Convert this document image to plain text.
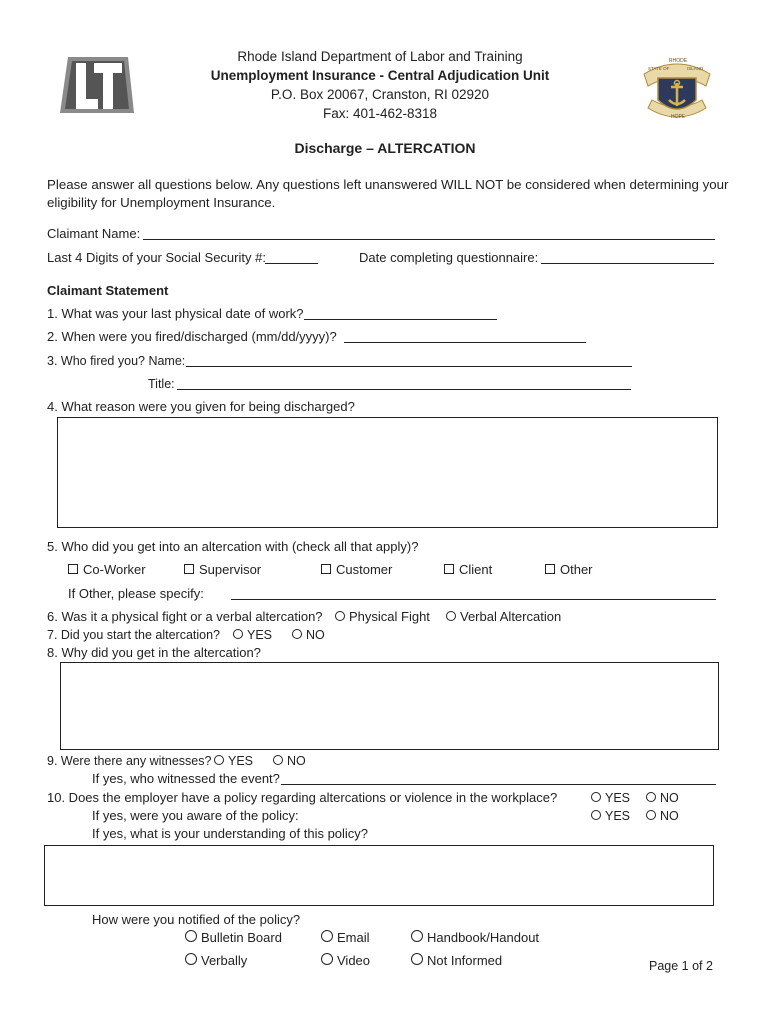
Rhode Island Department of Labor and Training
Unemployment Insurance - Central Adjudication Unit
P.O. Box 20067, Cranston, RI 02920
Fax: 401-462-8318
RHODE
STATE OF	ISLAND
HOPE
Discharge – ALTERCATION
Please answer all questions below. Any questions left unanswered WILL NOT be considered when determining your
eligibility for Unemployment Insurance.
Claimant Name:
Last 4 Digits of your Social Security #:	Date completing questionnaire:
Claimant Statement
1. What was your last physical date of work?
2. When were you fired/discharged (mm/dd/yyyy)?
3. Who fired you? Name:
Title:
4. What reason were you given for being discharged?
5. Who did you get into an altercation with (check all that apply)?
Co-Worker	Supervisor	Customer	Client	Other
If Other, please specify:
6. Was it a physical fight or a verbal altercation?	Physical Fight	Verbal Altercation
7. Did you start the altercation?	YES	NO
8. Why did you get in the altercation?
9. Were there any witnesses?	YES	NO
If yes, who witnessed the event?
10. Does the employer have a policy regarding altercations or violence in the workplace?	YES	NO
If yes, were you aware of the policy:	YES	NO
If yes, what is your understanding of this policy?
How were you notified of the policy?
Bulletin Board	Email	Handbook/Handout
Verbally	Video	Not Informed	Page 1 of 2
